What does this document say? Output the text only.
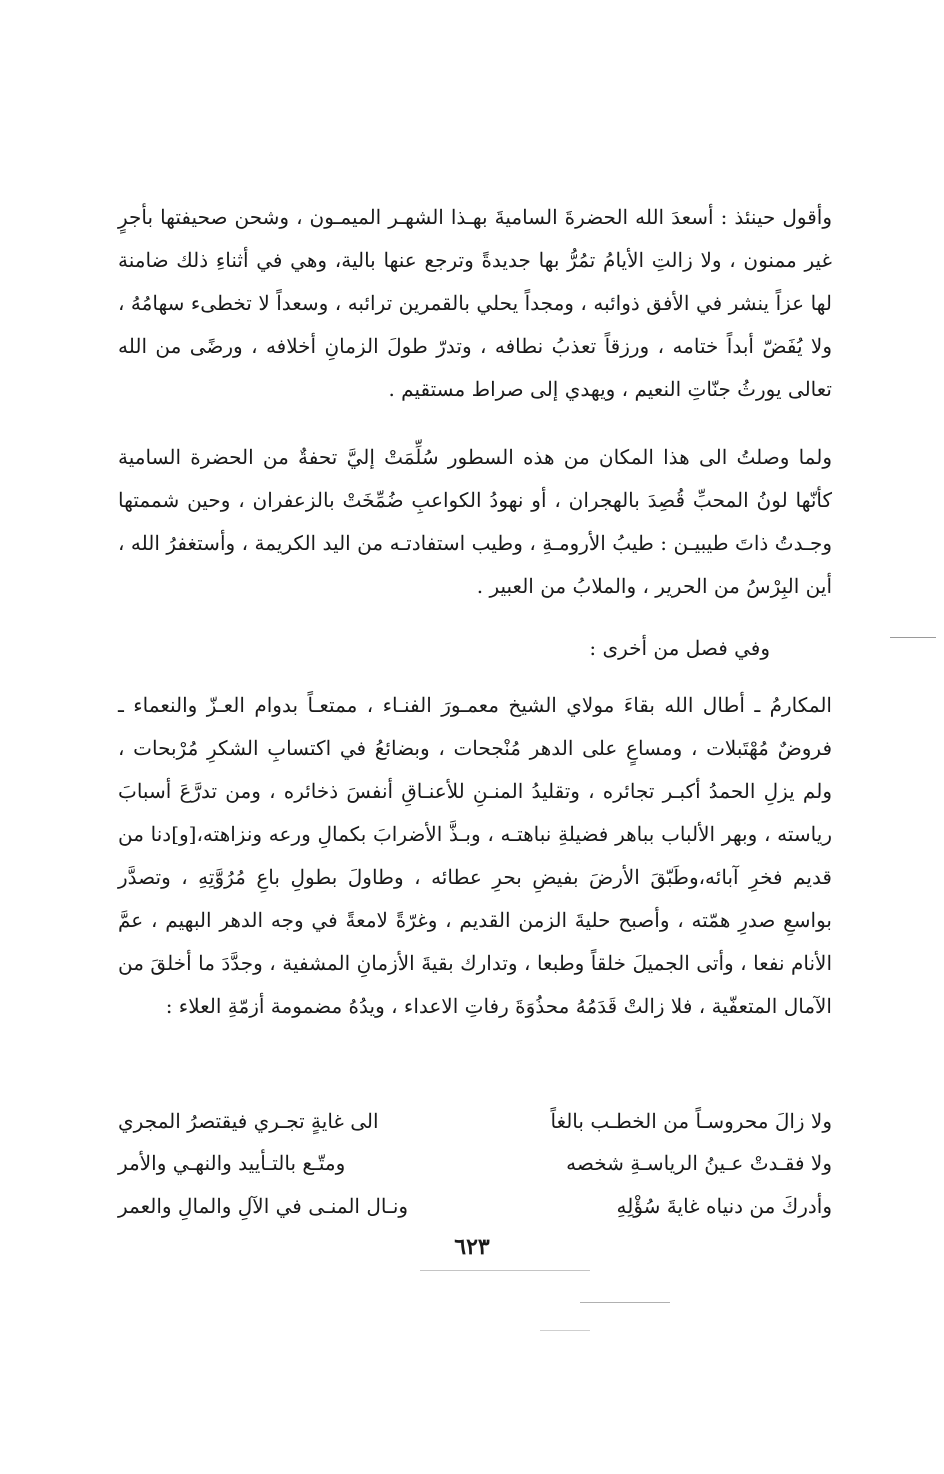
وأقول حينئذ : أسعدَ الله الحضرةَ الساميةَ بهـذا الشهـر الميمـون ، وشحن صحيفتها بأجرٍ غير ممنون ، ولا زالتِ الأيامُ تمُرُّ بها جديدةً وترجع عنها بالية، وهي في أثناءِ ذلك ضامنة لها عزاً ينشر في الأفق ذوائبه ، ومجداً يحلي بالقمرين ترائبه ، وسعداً لا تخطىء سهامُهُ ، ولا يُفَضّ أبداً ختامه ، ورزقاً تعذبُ نطافه ، وتدرّ طولَ الزمانِ أخلافه ، ورضًى من الله تعالى يورثُ جنّاتِ النعيم ، ويهدي إلى صراط مستقيم .

ولما وصلتُ الى هذا المكان من هذه السطور سُلِّمَتْ إليَّ تحفةٌ من الحضرة السامية كأنّها لونُ المحبِّ قُصِدَ بالهجران ، أو نهودُ الكواعبِ ضُمِّخَتْ بالزعفران ، وحين شممتها وجـدتُ ذاتَ طيبيـن : طيبُ الأرومـةِ ، وطيب استفادتـه من اليد الكريمة ، وأستغفرُ الله ، أين البِرْسُ من الحرير ، والملابُ من العبير .

وفي فصل من أخرى :

المكارمُ ـ أطال الله بقاءَ مولاي الشيخ معمـورَ الفنـاء ، ممتعـاً بدوام العـزّ والنعماء ـ فروضٌ مُهْتَبلات ، ومساعٍ على الدهر مُنْجحات ، وبضائعُ في اكتسابِ الشكرِ مُرْبحات ، ولم يزلِ الحمدُ أكبـر تجائره ، وتقليدُ المنـنِ للأعنـاقِ أنفسَ ذخائره ، ومن تدرَّعَ أسبابَ رياسته ، وبهر الألباب بباهر فضيلةِ نباهتـه ، وبـذَّ الأضرابَ بكمالِ ورعه ونزاهته،[و]دنا من قديم فخرِ آبائه،وطَبّقَ الأرضَ بفيضِ بحرِ عطائه ، وطاولَ بطولِ باعِ مُرُوَّتِهِ ، وتصدَّر بواسعِ صدرِ همّته ، وأصبح حليةَ الزمن القديم ، وغرّةً لامعةً في وجه الدهر البهيم ، عمَّ الأنام نفعا ، وأتى الجميلَ خلقاً وطبعا ، وتدارك بقيةَ الأزمانِ المشفية ، وجدَّدَ ما أخلقَ من الآمال المتعفّية ، فلا زالتْ قَدَمُهُ محذُوَةَ رفاتِ الاعداء ، ويدُهُ مضمومة أزمّةِ العلاء :

ولا زالَ محروسـاً من الخطـب بالغاً
الى غايةٍ تجـري فيقتصرُ المجري
ولا فقـدتْ عـينُ الرياسـةِ شخصه
ومتّـع بالتـأييد والنهـي والأمر
وأدركَ من دنياه غايةَ سُؤْلِهِ
ونـال المنـى في الآلِ والمالِ والعمر
٦٢٣
